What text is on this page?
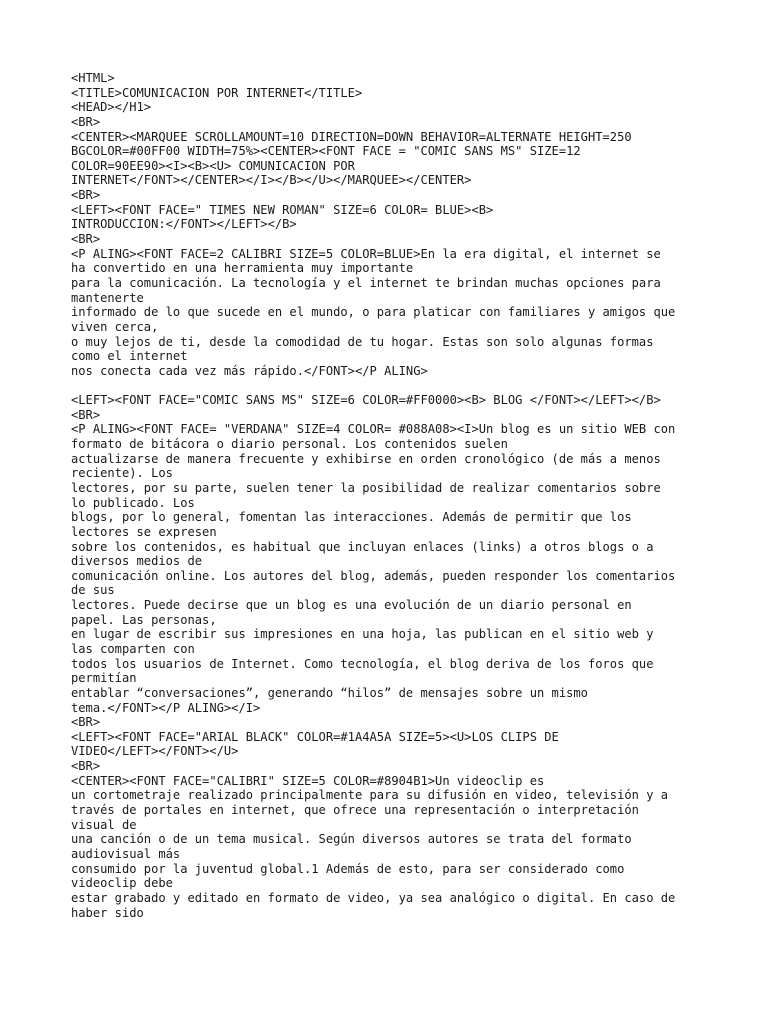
<HTML>
<TITLE>COMUNICACION POR INTERNET</TITLE>
<HEAD></H1>
<BR>
<CENTER><MARQUEE SCROLLAMOUNT=10 DIRECTION=DOWN BEHAVIOR=ALTERNATE HEIGHT=250
BGCOLOR=#00FF00 WIDTH=75%><CENTER><FONT FACE = "COMIC SANS MS" SIZE=12
COLOR=90EE90><I><B><U> COMUNICACION POR
INTERNET</FONT></CENTER></I></B></U></MARQUEE></CENTER>
<BR>
<LEFT><FONT FACE=" TIMES NEW ROMAN" SIZE=6 COLOR= BLUE><B>
INTRODUCCION:</FONT></LEFT></B>
<BR>
<P ALING><FONT FACE=2 CALIBRI SIZE=5 COLOR=BLUE>En la era digital, el internet se
ha convertido en una herramienta muy importante
para la comunicación. La tecnología y el internet te brindan muchas opciones para
mantenerte
informado de lo que sucede en el mundo, o para platicar con familiares y amigos que
viven cerca,
o muy lejos de ti, desde la comodidad de tu hogar. Estas son solo algunas formas
como el internet
nos conecta cada vez más rápido.</FONT></P ALING>
<LEFT><FONT FACE="COMIC SANS MS" SIZE=6 COLOR=#FF0000><B> BLOG </FONT></LEFT></B>
<BR>
<P ALING><FONT FACE= "VERDANA" SIZE=4 COLOR= #088A08><I>Un blog es un sitio WEB con
formato de bitácora o diario personal. Los contenidos suelen
actualizarse de manera frecuente y exhibirse en orden cronológico (de más a menos
reciente). Los
lectores, por su parte, suelen tener la posibilidad de realizar comentarios sobre
lo publicado. Los
blogs, por lo general, fomentan las interacciones. Además de permitir que los
lectores se expresen
sobre los contenidos, es habitual que incluyan enlaces (links) a otros blogs o a
diversos medios de
comunicación online. Los autores del blog, además, pueden responder los comentarios
de sus
lectores. Puede decirse que un blog es una evolución de un diario personal en
papel. Las personas,
en lugar de escribir sus impresiones en una hoja, las publican en el sitio web y
las comparten con
todos los usuarios de Internet. Como tecnología, el blog deriva de los foros que
permitían
entablar “conversaciones”, generando “hilos” de mensajes sobre un mismo
tema.</FONT></P ALING></I>
<BR>
<LEFT><FONT FACE="ARIAL BLACK" COLOR=#1A4A5A SIZE=5><U>LOS CLIPS DE
VIDEO</LEFT></FONT></U>
<BR>
<CENTER><FONT FACE="CALIBRI" SIZE=5 COLOR=#8904B1>Un videoclip es
un cortometraje realizado principalmente para su difusión en video, televisión y a
través de portales en internet, que ofrece una representación o interpretación
visual de
una canción o de un tema musical. Según diversos autores se trata del formato
audiovisual más
consumido por la juventud global.1 Además de esto, para ser considerado como
videoclip debe
estar grabado y editado en formato de video, ya sea analógico o digital. En caso de
haber sido
